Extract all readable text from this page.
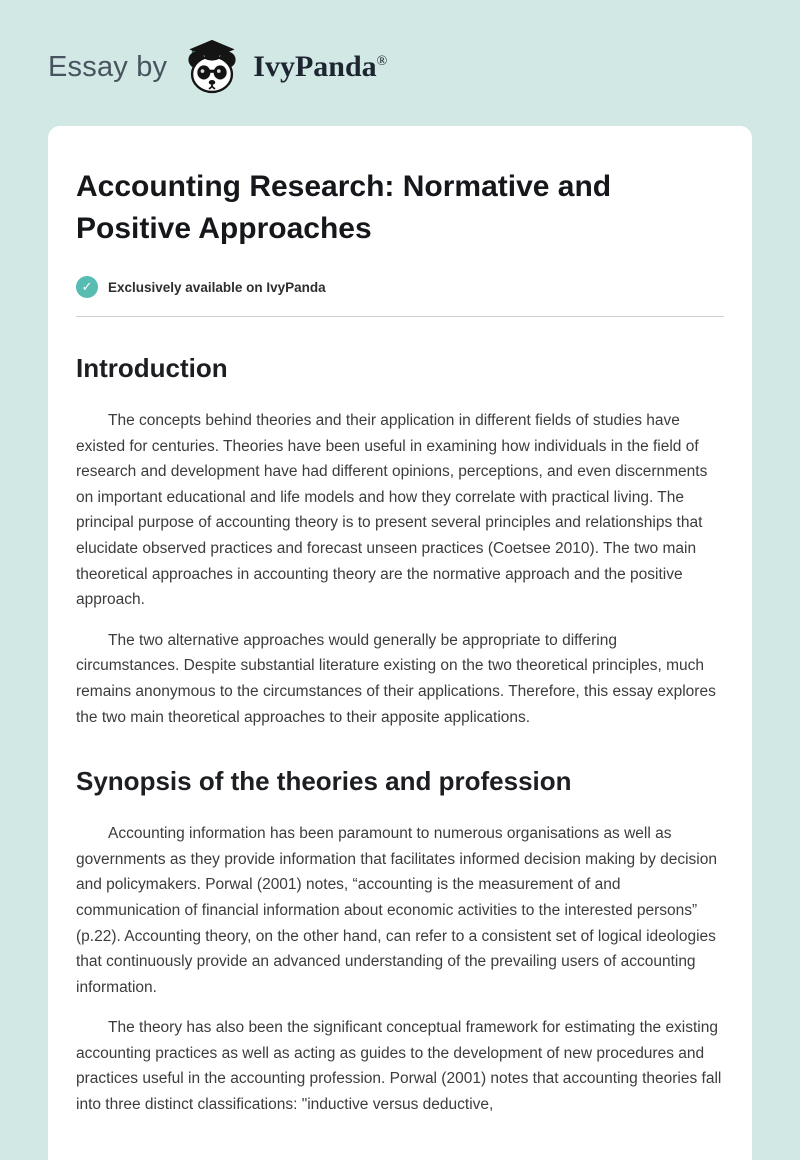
Essay by	IvyPanda®
Accounting Research: Normative and Positive Approaches
✓	Exclusively available on IvyPanda
Introduction

The concepts behind theories and their application in different fields of studies have existed for centuries. Theories have been useful in examining how individuals in the field of research and development have had different opinions, perceptions, and even discernments on important educational and life models and how they correlate with practical living. The principal purpose of accounting theory is to present several principles and relationships that elucidate observed practices and forecast unseen practices (Coetsee 2010). The two main theoretical approaches in accounting theory are the normative approach and the positive approach.

The two alternative approaches would generally be appropriate to differing circumstances. Despite substantial literature existing on the two theoretical principles, much remains anonymous to the circumstances of their applications. Therefore, this essay explores the two main theoretical approaches to their apposite applications.

Synopsis of the theories and profession

Accounting information has been paramount to numerous organisations as well as governments as they provide information that facilitates informed decision making by decision and policymakers. Porwal (2001) notes, “accounting is the measurement of and communication of financial information about economic activities to the interested persons” (p.22). Accounting theory, on the other hand, can refer to a consistent set of logical ideologies that continuously provide an advanced understanding of the prevailing users of accounting information.

The theory has also been the significant conceptual framework for estimating the existing accounting practices as well as acting as guides to the development of new procedures and practices useful in the accounting profession. Porwal (2001) notes that accounting theories fall into three distinct classifications: "inductive versus deductive,
